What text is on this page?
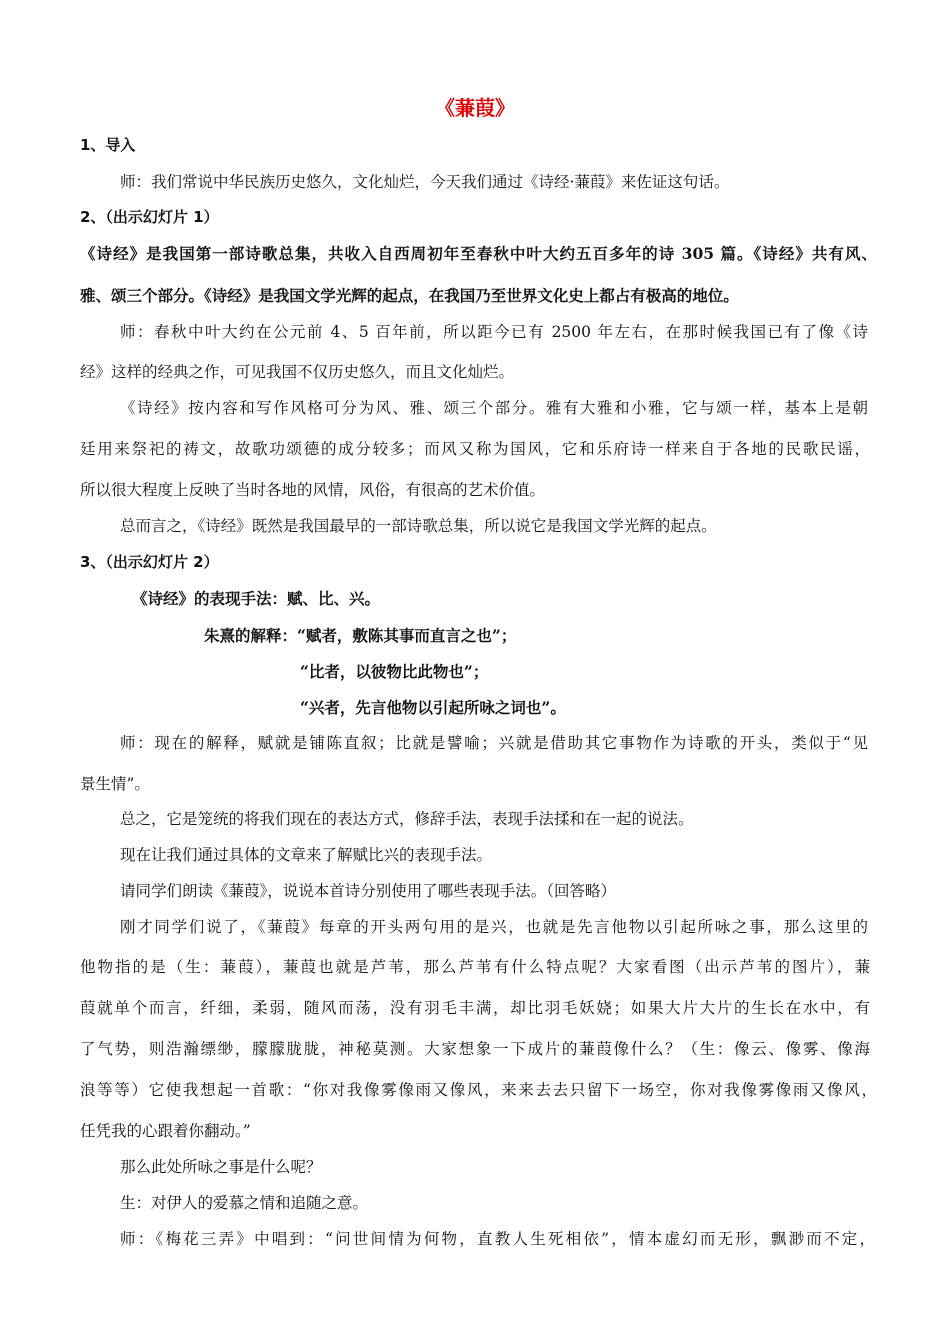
《蒹葭》
1、导入
师：我们常说中华民族历史悠久，文化灿烂，今天我们通过《诗经·蒹葭》来佐证这句话。
2、（出示幻灯片 1）
《诗经》是我国第一部诗歌总集，共收入自西周初年至春秋中叶大约五百多年的诗 305 篇。《诗经》共有风、
雅、颂三个部分。《诗经》是我国文学光辉的起点，在我国乃至世界文化史上都占有极高的地位。
师：春秋中叶大约在公元前 4、5 百年前，所以距今已有 2500 年左右，在那时候我国已有了像《诗
经》这样的经典之作，可见我国不仅历史悠久，而且文化灿烂。
《诗经》按内容和写作风格可分为风、雅、颂三个部分。雅有大雅和小雅，它与颂一样，基本上是朝
廷用来祭祀的祷文，故歌功颂德的成分较多；而风又称为国风，它和乐府诗一样来自于各地的民歌民谣，
所以很大程度上反映了当时各地的风情，风俗，有很高的艺术价值。
总而言之，《诗经》既然是我国最早的一部诗歌总集，所以说它是我国文学光辉的起点。
3、（出示幻灯片 2）
《诗经》的表现手法：赋、比、兴。
朱熹的解释：“赋者，敷陈其事而直言之也”；
“比者，以彼物比此物也”；
“兴者，先言他物以引起所咏之词也”。
师：现在的解释，赋就是铺陈直叙；比就是譬喻；兴就是借助其它事物作为诗歌的开头，类似于“见
景生情”。
总之，它是笼统的将我们现在的表达方式，修辞手法，表现手法揉和在一起的说法。
现在让我们通过具体的文章来了解赋比兴的表现手法。
请同学们朗读《蒹葭》，说说本首诗分别使用了哪些表现手法。（回答略）
刚才同学们说了，《蒹葭》每章的开头两句用的是兴，也就是先言他物以引起所咏之事，那么这里的
他物指的是（生：蒹葭），蒹葭也就是芦苇，那么芦苇有什么特点呢？大家看图（出示芦苇的图片），蒹
葭就单个而言，纤细，柔弱，随风而荡，没有羽毛丰满，却比羽毛妖娆；如果大片大片的生长在水中，有
了气势，则浩瀚缥缈，朦朦胧胧，神秘莫测。大家想象一下成片的蒹葭像什么？（生：像云、像雾、像海
浪等等）它使我想起一首歌：“你对我像雾像雨又像风，来来去去只留下一场空，你对我像雾像雨又像风，
任凭我的心跟着你翻动。”
那么此处所咏之事是什么呢？
生：对伊人的爱慕之情和追随之意。
师：《梅花三弄》中唱到：“问世间情为何物，直教人生死相依”，情本虚幻而无形，飘渺而不定，
